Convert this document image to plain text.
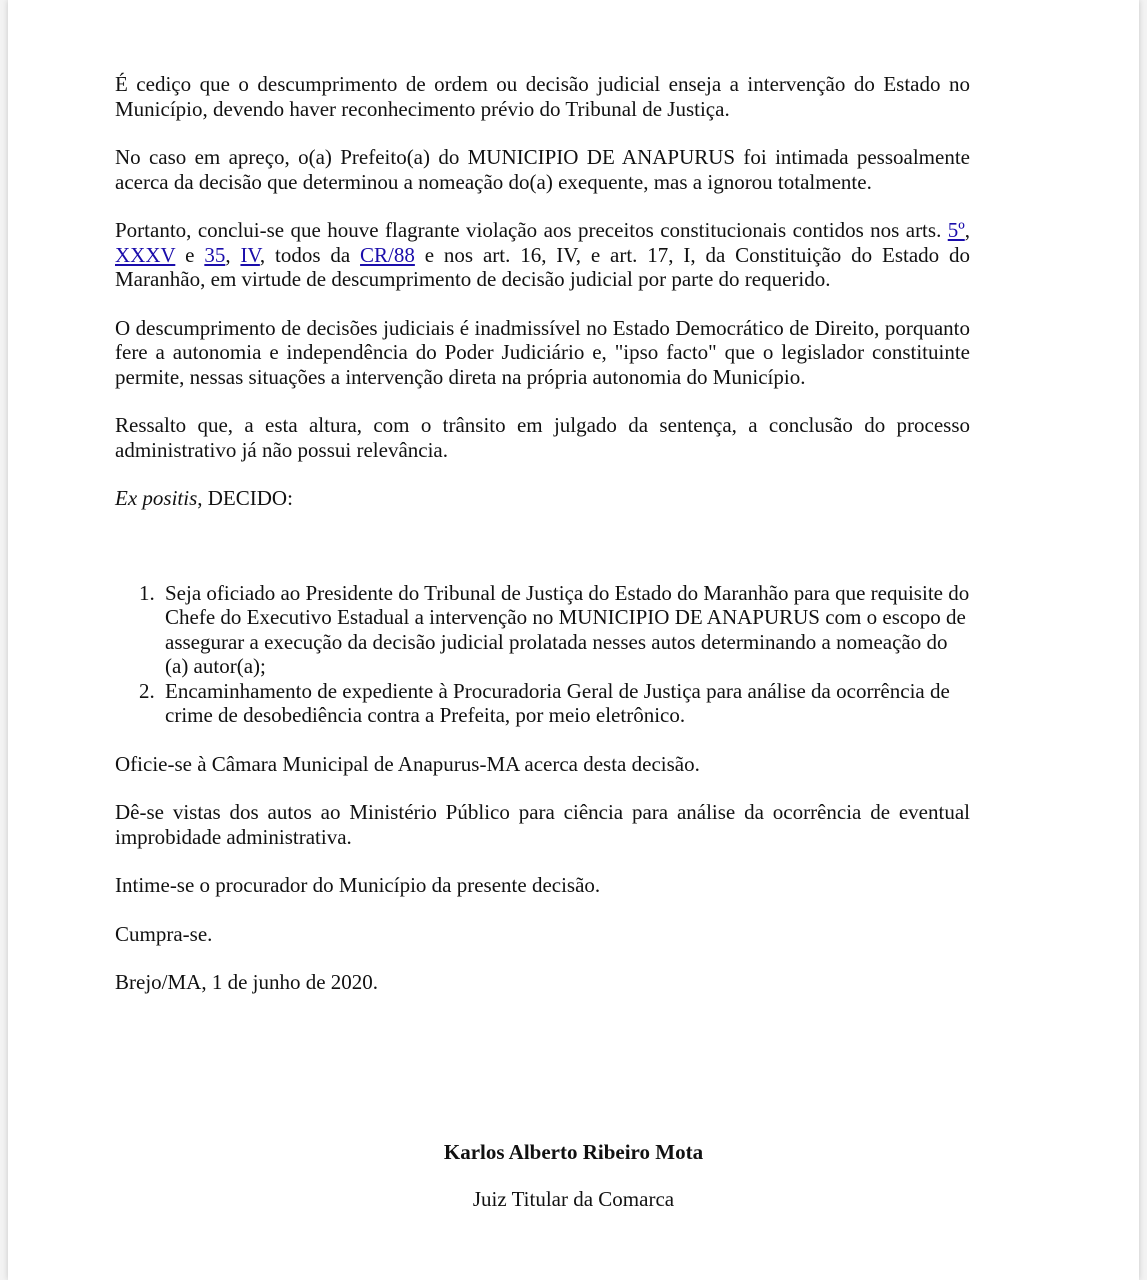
É cediço que o descumprimento de ordem ou decisão judicial enseja a intervenção do Estado no Município, devendo haver reconhecimento prévio do Tribunal de Justiça.

No caso em apreço, o(a) Prefeito(a) do MUNICIPIO DE ANAPURUS foi intimada pessoalmente acerca da decisão que determinou a nomeação do(a) exequente, mas a ignorou totalmente.

Portanto, conclui-se que houve flagrante violação aos preceitos constitucionais contidos nos arts. 5º, XXXV e 35, IV, todos da CR/88 e nos art. 16, IV, e art. 17, I, da Constituição do Estado do Maranhão, em virtude de descumprimento de decisão judicial por parte do requerido.

O descumprimento de decisões judiciais é inadmissível no Estado Democrático de Direito, porquanto fere a autonomia e independência do Poder Judiciário e, "ipso facto" que o legislador constituinte permite, nessas situações a intervenção direta na própria autonomia do Município.

Ressalto que, a esta altura, com o trânsito em julgado da sentença, a conclusão do processo administrativo já não possui relevância.

Ex positis, DECIDO:

1. Seja oficiado ao Presidente do Tribunal de Justiça do Estado do Maranhão para que requisite do Chefe do Executivo Estadual a intervenção no MUNICIPIO DE ANAPURUS com o escopo de assegurar a execução da decisão judicial prolatada nesses autos determinando a nomeação do (a) autor(a);
2. Encaminhamento de expediente à Procuradoria Geral de Justiça para análise da ocorrência de crime de desobediência contra a Prefeita, por meio eletrônico.

Oficie-se à Câmara Municipal de Anapurus-MA acerca desta decisão.

Dê-se vistas dos autos ao Ministério Público para ciência para análise da ocorrência de eventual improbidade administrativa.

Intime-se o procurador do Município da presente decisão.

Cumpra-se.

Brejo/MA, 1 de junho de 2020.

Karlos Alberto Ribeiro Mota
Juiz Titular da Comarca
